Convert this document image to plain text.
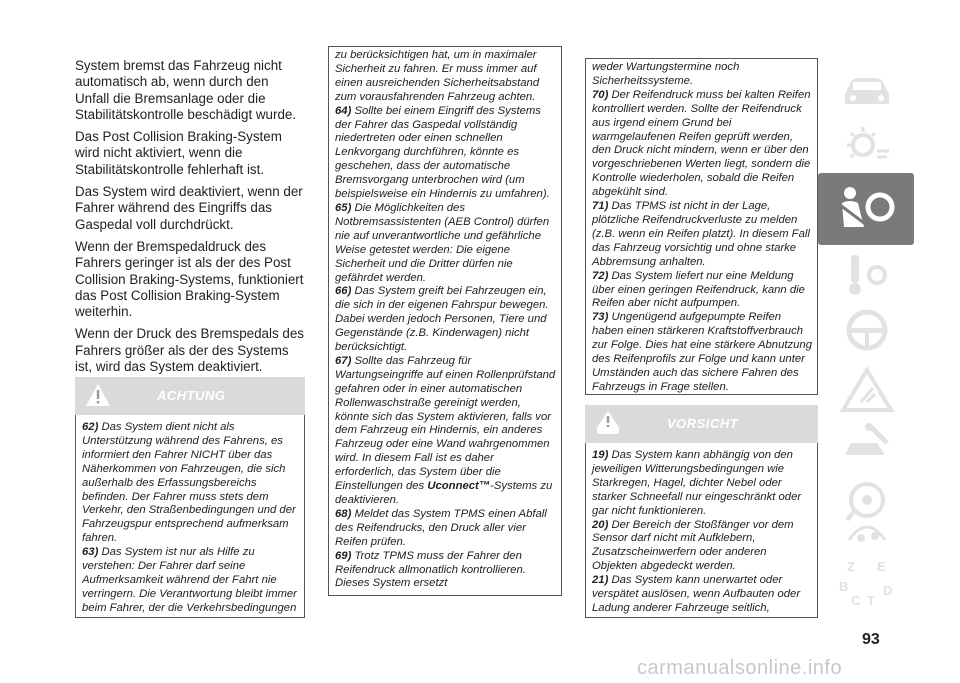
System bremst das Fahrzeug nicht automatisch ab, wenn durch den Unfall die Bremsanlage oder die Stabilitätskontrolle beschädigt wurde.

Das Post Collision Braking-System wird nicht aktiviert, wenn die Stabilitätskontrolle fehlerhaft ist.

Das System wird deaktiviert, wenn der Fahrer während des Eingriffs das Gaspedal voll durchdrückt.

Wenn der Bremspedaldruck des Fahrers geringer ist als der des Post Collision Braking-Systems, funktioniert das Post Collision Braking-System weiterhin.

Wenn der Druck des Bremspedals des Fahrers größer als der des Systems ist, wird das System deaktiviert.

ACHTUNG

62) Das System dient nicht als Unterstützung während des Fahrens, es informiert den Fahrer NICHT über das Näherkommen von Fahrzeugen, die sich außerhalb des Erfassungsbereichs befinden. Der Fahrer muss stets dem Verkehr, den Straßenbedingungen und der Fahrzeugspur entsprechend aufmerksam fahren.

63) Das System ist nur als Hilfe zu verstehen: Der Fahrer darf seine Aufmerksamkeit während der Fahrt nie verringern. Die Verantwortung bleibt immer beim Fahrer, der die Verkehrsbedingungen

zu berücksichtigen hat, um in maximaler Sicherheit zu fahren. Er muss immer auf einen ausreichenden Sicherheitsabstand zum vorausfahrenden Fahrzeug achten.

64) Sollte bei einem Eingriff des Systems der Fahrer das Gaspedal vollständig niedertreten oder einen schnellen Lenkvorgang durchführen, könnte es geschehen, dass der automatische Bremsvorgang unterbrochen wird (um beispielsweise ein Hindernis zu umfahren).

65) Die Möglichkeiten des Notbremsassistenten (AEB Control) dürfen nie auf unverantwortliche und gefährliche Weise getestet werden: Die eigene Sicherheit und die Dritter dürfen nie gefährdet werden.

66) Das System greift bei Fahrzeugen ein, die sich in der eigenen Fahrspur bewegen. Dabei werden jedoch Personen, Tiere und Gegenstände (z.B. Kinderwagen) nicht berücksichtigt.

67) Sollte das Fahrzeug für Wartungseingriffe auf einen Rollenprüfstand gefahren oder in einer automatischen Rollenwaschstraße gereinigt werden, könnte sich das System aktivieren, falls vor dem Fahrzeug ein Hindernis, ein anderes Fahrzeug oder eine Wand wahrgenommen wird. In diesem Fall ist es daher erforderlich, das System über die Einstellungen des Uconnect™-Systems zu deaktivieren.

68) Meldet das System TPMS einen Abfall des Reifendrucks, den Druck aller vier Reifen prüfen.

69) Trotz TPMS muss der Fahrer den Reifendruck allmonatlich kontrollieren. Dieses System ersetzt

weder Wartungstermine noch Sicherheitssysteme.

70) Der Reifendruck muss bei kalten Reifen kontrolliert werden. Sollte der Reifendruck aus irgend einem Grund bei warmgelaufenen Reifen geprüft werden, den Druck nicht mindern, wenn er über den vorgeschriebenen Werten liegt, sondern die Kontrolle wiederholen, sobald die Reifen abgekühlt sind.

71) Das TPMS ist nicht in der Lage, plötzliche Reifendruckverluste zu melden (z.B. wenn ein Reifen platzt). In diesem Fall das Fahrzeug vorsichtig und ohne starke Abbremsung anhalten.

72) Das System liefert nur eine Meldung über einen geringen Reifendruck, kann die Reifen aber nicht aufpumpen.

73) Ungenügend aufgepumpte Reifen haben einen stärkeren Kraftstoffverbrauch zur Folge. Dies hat eine stärkere Abnutzung des Reifenprofils zur Folge und kann unter Umständen auch das sichere Fahren des Fahrzeugs in Frage stellen.

VORSICHT

19) Das System kann abhängig von den jeweiligen Witterungsbedingungen wie Starkregen, Hagel, dichter Nebel oder starker Schneefall nur eingeschränkt oder gar nicht funktionieren.

20) Der Bereich der Stoßfänger vor dem Sensor darf nicht mit Aufklebern, Zusatzscheinwerfern oder anderen Objekten abgedeckt werden.

21) Das System kann unerwartet oder verspätet auslösen, wenn Aufbauten oder Ladung anderer Fahrzeuge seitlich,

Z E
B
C T
D
93
carmanualsonline.info
